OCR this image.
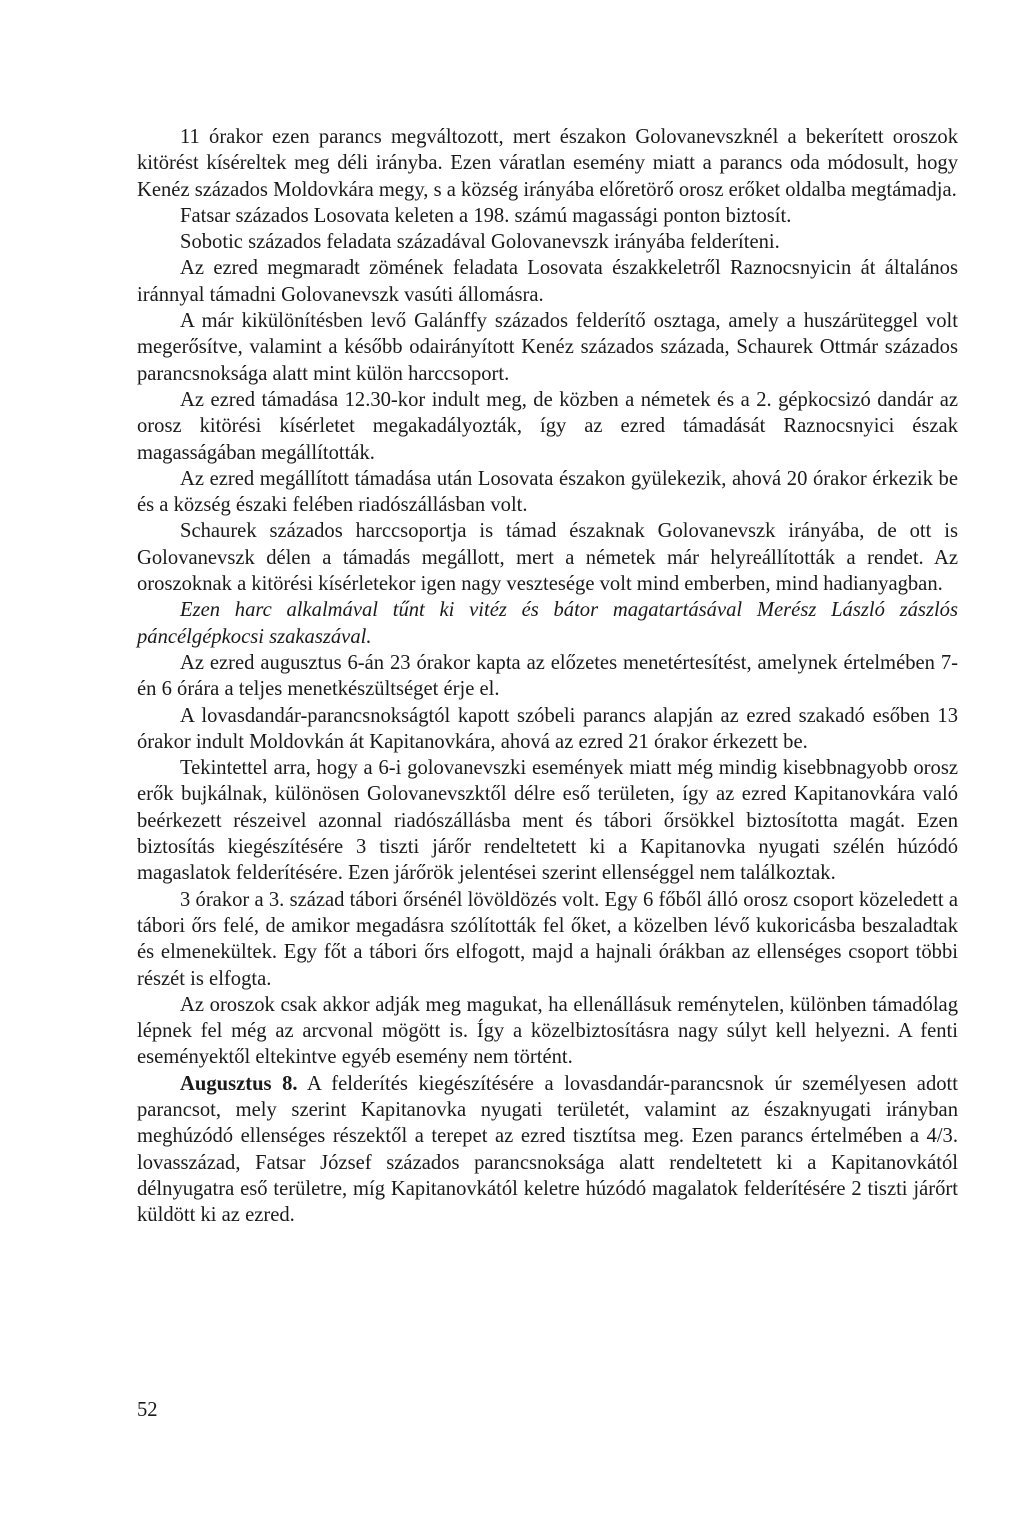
11 órakor ezen parancs megváltozott, mert északon Golovanevszknél a bekerített oroszok kitörést kíséreltek meg déli irányba. Ezen váratlan esemény miatt a parancs oda módosult, hogy Kenéz százados Moldovkára megy, s a község irányába előretörő orosz erőket oldalba megtámadja.

Fatsar százados Losovata keleten a 198. számú magassági ponton biztosít.

Sobotic százados feladata századával Golovanevszk irányába felderíteni.

Az ezred megmaradt zömének feladata Losovata északkeletről Raznocsnyicin át általános iránnyal támadni Golovanevszk vasúti állomásra.

A már kikülönítésben levő Galánffy százados felderítő osztaga, amely a huszárüteggel volt megerősítve, valamint a később odairányított Kenéz százados százada, Schaurek Ottmár százados parancsnoksága alatt mint külön harccsoport.

Az ezred támadása 12.30-kor indult meg, de közben a németek és a 2. gépkocsizó dandár az orosz kitörési kísérletet megakadályozták, így az ezred támadását Raznocsnyici észak magasságában megállították.

Az ezred megállított támadása után Losovata északon gyülekezik, ahová 20 órakor érkezik be és a község északi felében riadószállásban volt.

Schaurek százados harccsoportja is támad északnak Golovanevszk irányába, de ott is Golovanevszk délen a támadás megállott, mert a németek már helyreállították a rendet. Az oroszoknak a kitörési kísérletekor igen nagy vesztesége volt mind emberben, mind hadianyagban.

Ezen harc alkalmával tűnt ki vitéz és bátor magatartásával Merész László zászlós páncélgépkocsi szakaszával.

Az ezred augusztus 6-án 23 órakor kapta az előzetes menetértesítést, amelynek értelmében 7-én 6 órára a teljes menetkészültséget érje el.

A lovasdandár-parancsnokságtól kapott szóbeli parancs alapján az ezred szakadó esőben 13 órakor indult Moldovkán át Kapitanovkára, ahová az ezred 21 órakor érkezett be.

Tekintettel arra, hogy a 6-i golovanevszki események miatt még mindig kisebbnagyobb orosz erők bujkálnak, különösen Golovanevszktől délre eső területen, így az ezred Kapitanovkára való beérkezett részeivel azonnal riadószállásba ment és tábori őrsökkel biztosította magát. Ezen biztosítás kiegészítésére 3 tiszti járőr rendeltetett ki a Kapitanovka nyugati szélén húzódó magaslatok felderítésére. Ezen járőrök jelentései szerint ellenséggel nem találkoztak.

3 órakor a 3. század tábori őrsénél lövöldözés volt. Egy 6 főből álló orosz csoport közeledett a tábori őrs felé, de amikor megadásra szólították fel őket, a közelben lévő kukoricásba beszaladtak és elmenekültek. Egy főt a tábori őrs elfogott, majd a hajnali órákban az ellenséges csoport többi részét is elfogta.

Az oroszok csak akkor adják meg magukat, ha ellenállásuk reménytelen, különben támadólag lépnek fel még az arcvonal mögött is. Így a közelbiztosításra nagy súlyt kell helyezni. A fenti eseményektől eltekintve egyéb esemény nem történt.

Augusztus 8. A felderítés kiegészítésére a lovasdandár-parancsnok úr személyesen adott parancsot, mely szerint Kapitanovka nyugati területét, valamint az északnyugati irányban meghúzódó ellenséges részektől a terepet az ezred tisztítsa meg. Ezen parancs értelmében a 4/3. lovasszázad, Fatsar József százados parancsnoksága alatt rendeltetett ki a Kapitanovkától délnyugatra eső területre, míg Kapitanovkától keletre húzódó magalatok felderítésére 2 tiszti járőrt küldött ki az ezred.

52
